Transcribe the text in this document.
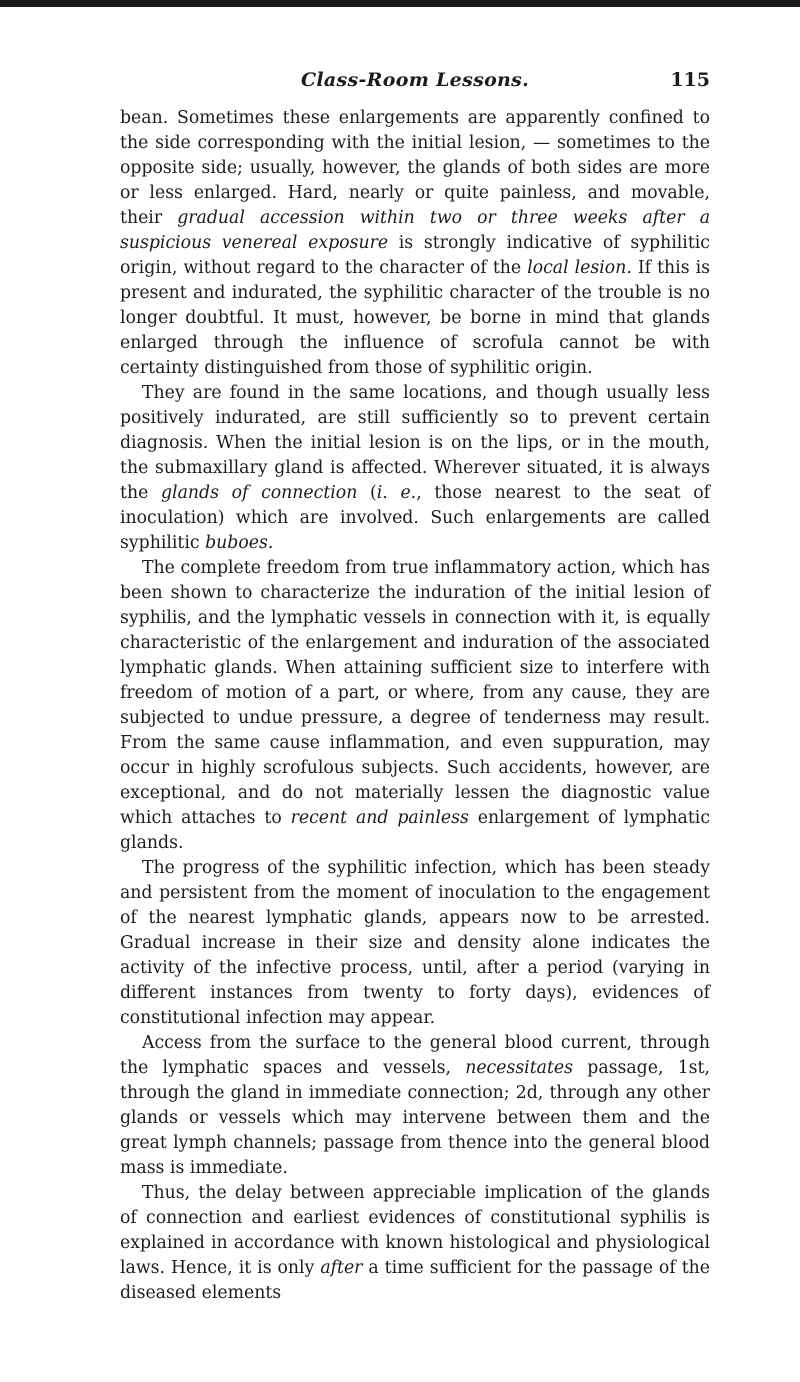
Class-Room Lessons.	115

bean. Sometimes these enlargements are apparently confined to the side corresponding with the initial lesion, — sometimes to the opposite side; usually, however, the glands of both sides are more or less enlarged. Hard, nearly or quite painless, and movable, their gradual accession within two or three weeks after a suspicious venereal exposure is strongly indicative of syphilitic origin, without regard to the character of the local lesion. If this is present and indurated, the syphilitic character of the trouble is no longer doubtful. It must, however, be borne in mind that glands enlarged through the influence of scrofula cannot be with certainty distinguished from those of syphilitic origin.

They are found in the same locations, and though usually less positively indurated, are still sufficiently so to prevent certain diagnosis. When the initial lesion is on the lips, or in the mouth, the submaxillary gland is affected. Wherever situated, it is always the glands of connection (i. e., those nearest to the seat of inoculation) which are involved. Such enlargements are called syphilitic buboes.

The complete freedom from true inflammatory action, which has been shown to characterize the induration of the initial lesion of syphilis, and the lymphatic vessels in connection with it, is equally characteristic of the enlargement and induration of the associated lymphatic glands. When attaining sufficient size to interfere with freedom of motion of a part, or where, from any cause, they are subjected to undue pressure, a degree of tenderness may result. From the same cause inflammation, and even suppuration, may occur in highly scrofulous subjects. Such accidents, however, are exceptional, and do not materially lessen the diagnostic value which attaches to recent and painless enlargement of lymphatic glands.

The progress of the syphilitic infection, which has been steady and persistent from the moment of inoculation to the engagement of the nearest lymphatic glands, appears now to be arrested. Gradual increase in their size and density alone indicates the activity of the infective process, until, after a period (varying in different instances from twenty to forty days), evidences of constitutional infection may appear.

Access from the surface to the general blood current, through the lymphatic spaces and vessels, necessitates passage, 1st, through the gland in immediate connection; 2d, through any other glands or vessels which may intervene between them and the great lymph channels; passage from thence into the general blood mass is immediate.

Thus, the delay between appreciable implication of the glands of connection and earliest evidences of constitutional syphilis is explained in accordance with known histological and physiological laws. Hence, it is only after a time sufficient for the passage of the diseased elements
